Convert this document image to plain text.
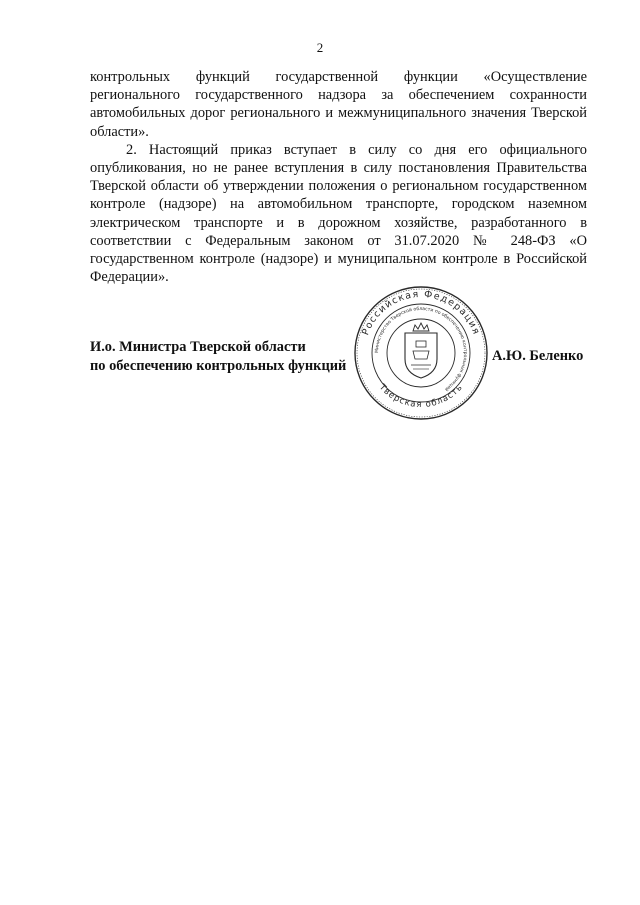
2

контрольных функций государственной функции «Осуществление регионального государственного надзора за обеспечением сохранности автомобильных дорог регионального и межмуниципального значения Тверской области».

2. Настоящий приказ вступает в силу со дня его официального опубликования, но не ранее вступления в силу постановления Правительства Тверской области об утверждении положения о региональном государственном контроле (надзоре) на автомобильном транспорте, городском наземном электрическом транспорте и в дорожном хозяйстве, разработанного в соответствии с Федеральным законом от 31.07.2020 № 248-ФЗ «О государственном контроле (надзоре) и муниципальном контроле в Российской Федерации».

И.о. Министра Тверской области
по обеспечению контрольных функций
А.Ю. Беленко
Российская Федерация
Тверская область
Министерство Тверской области по обеспечению контрольных функций
